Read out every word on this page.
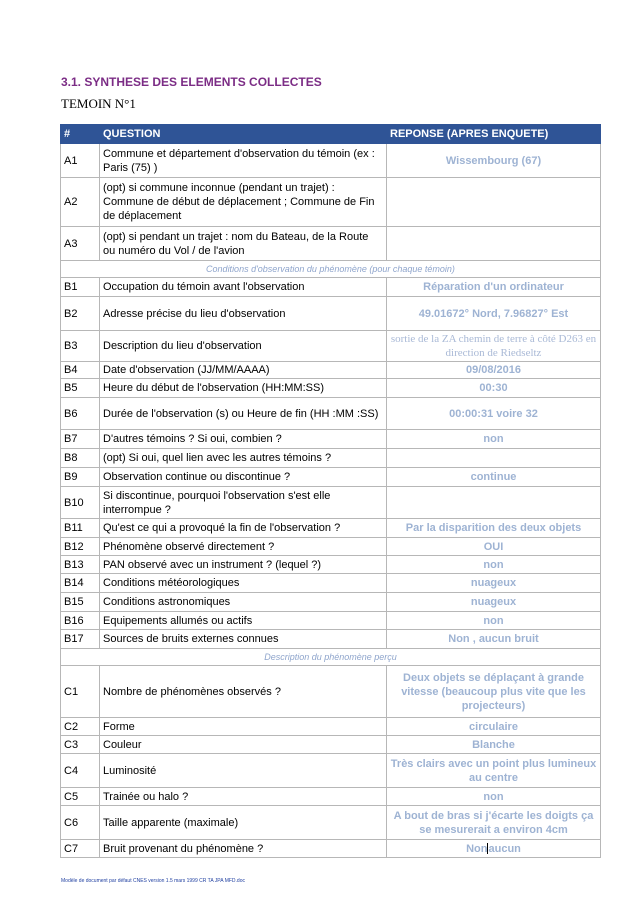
3.1. SYNTHESE DES ELEMENTS COLLECTES
TEMOIN N°1
#	QUESTION	REPONSE (APRES ENQUETE)
A1	Commune et département d'observation du témoin (ex : Paris (75) )	Wissembourg (67)
A2	(opt) si commune inconnue (pendant un trajet) : Commune de début de déplacement ; Commune de Fin de déplacement	
A3	(opt) si pendant un trajet : nom du Bateau, de la Route ou numéro du Vol / de l'avion	
Conditions d'observation du phénomène (pour chaque témoin)		
B1	Occupation du témoin avant l'observation	Réparation d'un ordinateur
B2	Adresse précise du lieu d'observation	49.01672° Nord, 7.96827° Est
B3	Description du lieu d'observation	sortie de la ZA chemin de terre à côté D263 en direction de Riedseltz
B4	Date d'observation (JJ/MM/AAAA)	09/08/2016
B5	Heure du début de l'observation (HH:MM:SS)	00:30
B6	Durée de l'observation (s) ou Heure de fin (HH :MM :SS)	00:00:31 voire 32
B7	D'autres témoins ? Si oui, combien ?	non
B8	(opt) Si oui, quel lien avec les autres témoins ?	
B9	Observation continue ou discontinue ?	continue
B10	Si discontinue, pourquoi l'observation s'est elle interrompue ?	
B11	Qu'est ce qui a provoqué la fin de l'observation ?	Par la disparition des deux objets
B12	Phénomène observé directement ?	OUI
B13	PAN observé avec un instrument ? (lequel ?)	non
B14	Conditions météorologiques	nuageux
B15	Conditions astronomiques	nuageux
B16	Equipements allumés ou actifs	non
B17	Sources de bruits externes connues	Non , aucun bruit
Description du phénomène perçu		
C1	Nombre de phénomènes observés ?	Deux objets se déplaçant à grande vitesse (beaucoup plus vite que les projecteurs)
C2	Forme	circulaire
C3	Couleur	Blanche
C4	Luminosité	Très clairs avec un point plus lumineux au centre
C5	Trainée ou halo ?	non
C6	Taille apparente (maximale)	A bout de bras si j'écarte les doigts ça se mesurerait a environ 4cm
C7	Bruit provenant du phénomène ?	Nonaucun
Modèle de document par défaut CNES version 1.5 mars 1999 CR TA JPA MFD.doc
